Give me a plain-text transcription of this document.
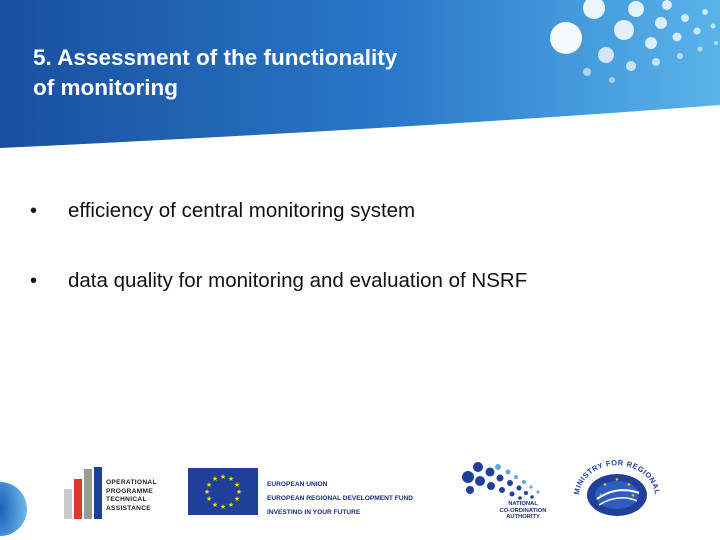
5. Assessment of the functionality
of monitoring
•	efficiency of central monitoring system
•	data quality for monitoring and evaluation of NSRF
OPERATIONAL
PROGRAMME
TECHNICAL
ASSISTANCE
★ ★
★
★
★
★
★
★
★
★
★
★
EUROPEAN UNION
EUROPEAN REGIONAL DEVELOPMENT FUND
INVESTING IN YOUR FUTURE
NATIONAL
CO-ORDINATION
AUTHORITY
★
★
★
★
★
MINISTRY FOR REGIONAL
